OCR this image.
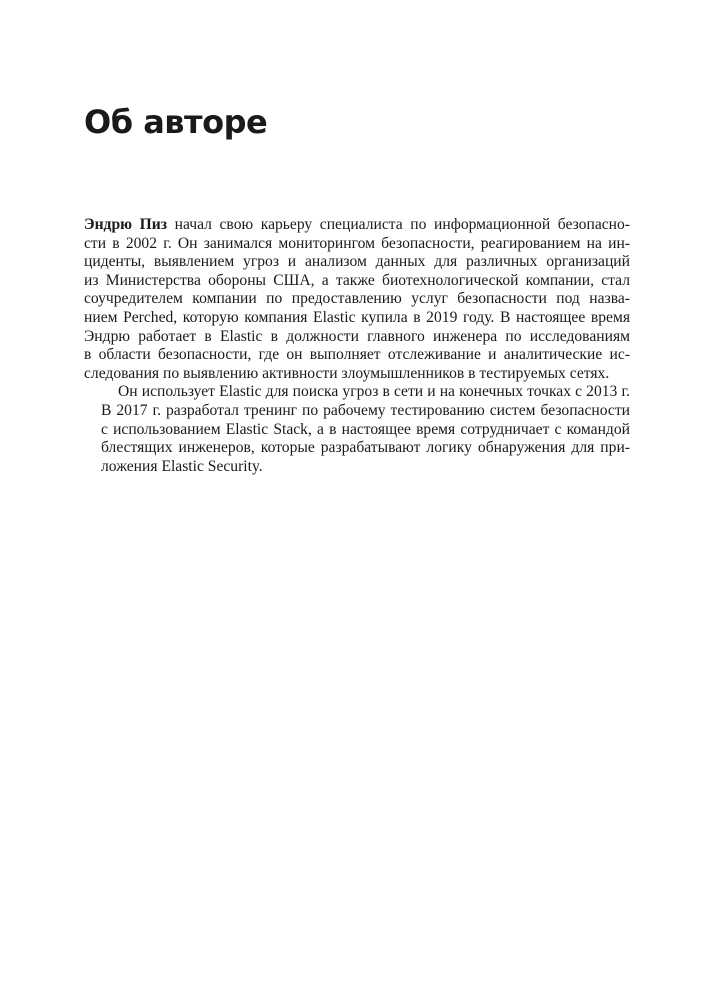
Об авторе

Эндрю Пиз начал свою карьеру специалиста по информационной безопасно-
сти в 2002 г. Он занимался мониторингом безопасности, реагированием на ин-
циденты, выявлением угроз и анализом данных для различных организаций
из Министерства обороны США, а также биотехнологической компании, стал
соучредителем компании по предоставлению услуг безопасности под назва-
нием Perched, которую компания Elastic купила в 2019 году. В настоящее время
Эндрю работает в Elastic в должности главного инженера по исследованиям
в области безопасности, где он выполняет отслеживание и аналитические ис-
следования по выявлению активности злоумышленников в тестируемых сетях.

Он использует Elastic для поиска угроз в сети и на конечных точках с 2013 г.
В 2017 г. разработал тренинг по рабочему тестированию систем безопасности
с использованием Elastic Stack, а в настоящее время сотрудничает с командой
блестящих инженеров, которые разрабатывают логику обнаружения для при-
ложения Elastic Security.
